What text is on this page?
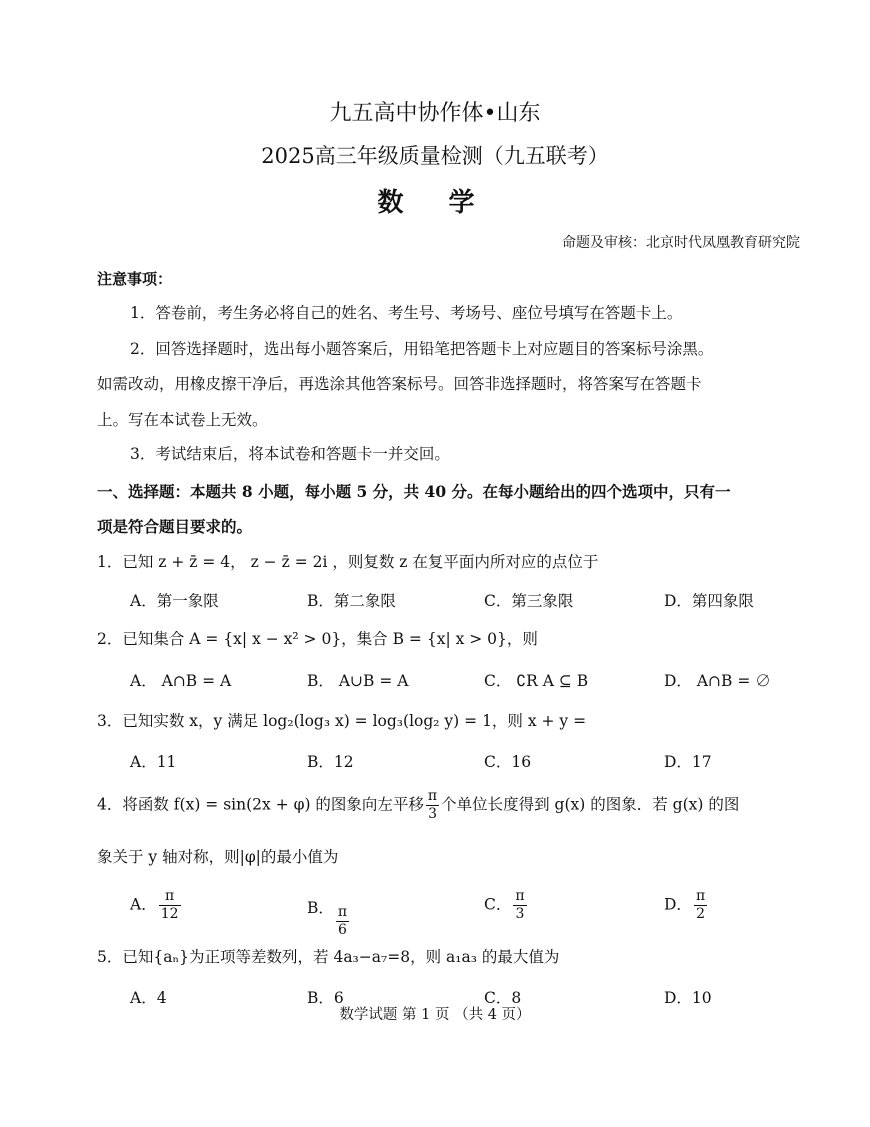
九五高中协作体•山东
2025高三年级质量检测（九五联考）
数 学
命题及审核：北京时代凤凰教育研究院
注意事项：
1．答卷前，考生务必将自己的姓名、考生号、考场号、座位号填写在答题卡上。
2．回答选择题时，选出每小题答案后，用铅笔把答题卡上对应题目的答案标号涂黑。
如需改动，用橡皮擦干净后，再选涂其他答案标号。回答非选择题时，将答案写在答题卡
上。写在本试卷上无效。
3．考试结束后，将本试卷和答题卡一并交回。
一、选择题：本题共 8 小题，每小题 5 分，共 40 分。在每小题给出的四个选项中，只有一
项是符合题目要求的。
1．已知 z + z̄ = 4， z − z̄ = 2i ，则复数 z 在复平面内所对应的点位于
A．第一象限	B．第二象限	C．第三象限	D．第四象限
2．已知集合 A = {x| x − x² > 0}，集合 B = {x| x > 0}，则
A． A∩B = A	B． A∪B = A	C． ∁R A ⊆ B	D． A∩B = ∅
3．已知实数 x，y 满足 log₂(log₃ x) = log₃(log₂ y) = 1，则 x + y =
A．11	B．12	C．16	D．17
4．将函数 f(x) = sin(2x + φ) 的图象向左平移 $\frac{\pi}{3}$ 个单位长度得到 g(x) 的图象．若 g(x) 的图
象关于 y 轴对称，则|φ|的最小值为
A． $\frac{\pi}{12}$	B． $\frac{\pi}{6}$	C． $\frac{\pi}{3}$	D． $\frac{\pi}{2}$
5．已知{aₙ}为正项等差数列，若 4a₃−a₇=8，则 a₁a₃ 的最大值为
A．4	B．6	C．8	D．10
数学试题 第 1 页 （共 4 页）
